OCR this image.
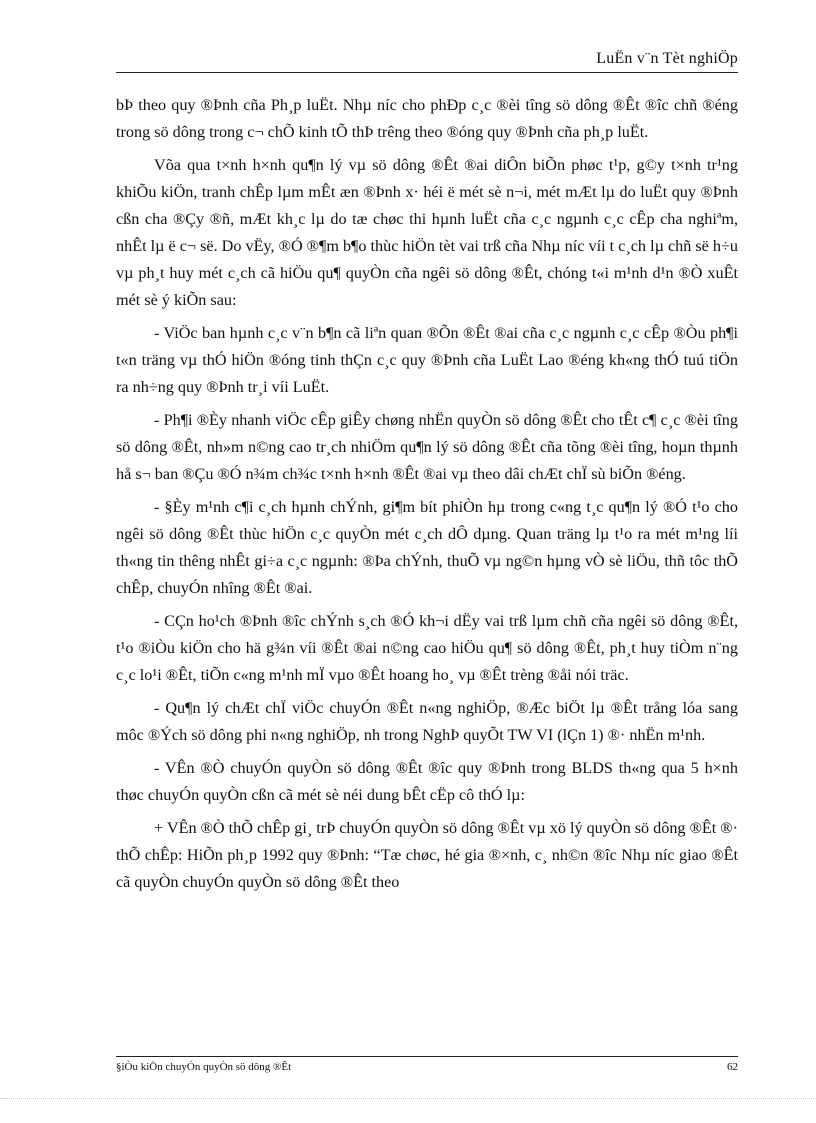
LuËn v¨n Tèt nghiÖp

bÞ theo quy ®Þnh cña Ph¸p luËt. Nhµ níc cho phÐp c¸c ®èi tîng sö dông ®Êt ®îc chñ ®éng trong sö dông trong c¬ chÕ kinh tÕ thÞ trêng theo ®óng quy ®Þnh cña ph¸p luËt.

Võa qua t×nh h×nh qu¶n lý vµ sö dông ®Êt ®ai diÔn biÕn phøc t¹p, g©y t×nh tr¹ng khiÕu kiÖn, tranh chÊp lµm mÊt æn ®Þnh x· héi ë mét sè n¬i, mét mÆt lµ do luËt quy ®Þnh cßn cha ®Çy ®ñ, mÆt kh¸c lµ do tæ chøc thi hµnh luËt cña c¸c ngµnh c¸c cÊp cha nghiªm, nhÊt lµ ë c¬ së. Do vËy, ®Ó ®¶m b¶o thùc hiÖn tèt vai trß cña Nhµ níc víi t c¸ch lµ chñ së h÷u vµ ph¸t huy mét c¸ch cã hiÖu qu¶ quyÒn cña ngêi sö dông ®Êt, chóng t«i m¹nh d¹n ®Ò xuÊt mét sè ý kiÕn sau:

- ViÖc ban hµnh c¸c v¨n b¶n cã liªn quan ®Õn ®Êt ®ai cña c¸c ngµnh c¸c cÊp ®Òu ph¶i t«n träng vµ thÓ hiÖn ®óng tinh thÇn c¸c quy ®Þnh cña LuËt Lao ®éng kh«ng thÓ tuú tiÖn ra nh÷ng quy ®Þnh tr¸i víi LuËt.

- Ph¶i ®Èy nhanh viÖc cÊp giÊy chøng nhËn quyÒn sö dông ®Êt cho tÊt c¶ c¸c ®èi tîng sö dông ®Êt, nh»m n©ng cao tr¸ch nhiÖm qu¶n lý sö dông ®Êt cña tõng ®èi tîng, hoµn thµnh hå s¬ ban ®Çu ®Ó n¾m ch¾c t×nh h×nh ®Êt ®ai vµ theo dâi chÆt chÏ sù biÕn ®éng.

- §Èy m¹nh c¶i c¸ch hµnh chÝnh, gi¶m bít phiÒn hµ trong c«ng t¸c qu¶n lý ®Ó t¹o cho ngêi sö dông ®Êt thùc hiÖn c¸c quyÒn mét c¸ch dÔ dµng. Quan träng lµ t¹o ra mét m¹ng líi th«ng tin thêng nhÊt gi÷a c¸c ngµnh: ®Þa chÝnh, thuÕ vµ ng©n hµng vÒ sè liÖu, thñ tôc thÕ chÊp, chuyÓn nhîng ®Êt ®ai.

- CÇn ho¹ch ®Þnh ®îc chÝnh s¸ch ®Ó kh¬i dËy vai trß lµm chñ cña ngêi sö dông ®Êt, t¹o ®iÒu kiÖn cho hä g¾n víi ®Êt ®ai n©ng cao hiÖu qu¶ sö dông ®Êt, ph¸t huy tiÒm n¨ng c¸c lo¹i ®Êt, tiÕn c«ng m¹nh mÏ vµo ®Êt hoang ho¸ vµ ®Êt trèng ®åi nói träc.

- Qu¶n lý chÆt chÏ viÖc chuyÓn ®Êt n«ng nghiÖp, ®Æc biÖt lµ ®Êt trång lóa sang môc ®Ých sö dông phi n«ng nghiÖp, nh trong NghÞ quyÕt TW VI (lÇn 1) ®· nhËn m¹nh.

- VÊn ®Ò chuyÓn quyÒn sö dông ®Êt ®îc quy ®Þnh trong BLDS th«ng qua 5 h×nh thøc chuyÓn quyÒn cßn cã mét sè néi dung bÊt cËp cô thÓ lµ:

+ VÊn ®Ò thÕ chÊp gi¸ trÞ chuyÓn quyÒn sö dông ®Êt vµ xö lý quyÒn sö dông ®Êt ®· thÕ chÊp: HiÕn ph¸p 1992 quy ®Þnh: “Tæ chøc, hé gia ®×nh, c¸ nh©n ®îc Nhµ níc giao ®Êt cã quyÒn chuyÓn quyÒn sö dông ®Êt theo

§iÒu kiÖn chuyÓn quyÒn sö dông ®Êt	62
